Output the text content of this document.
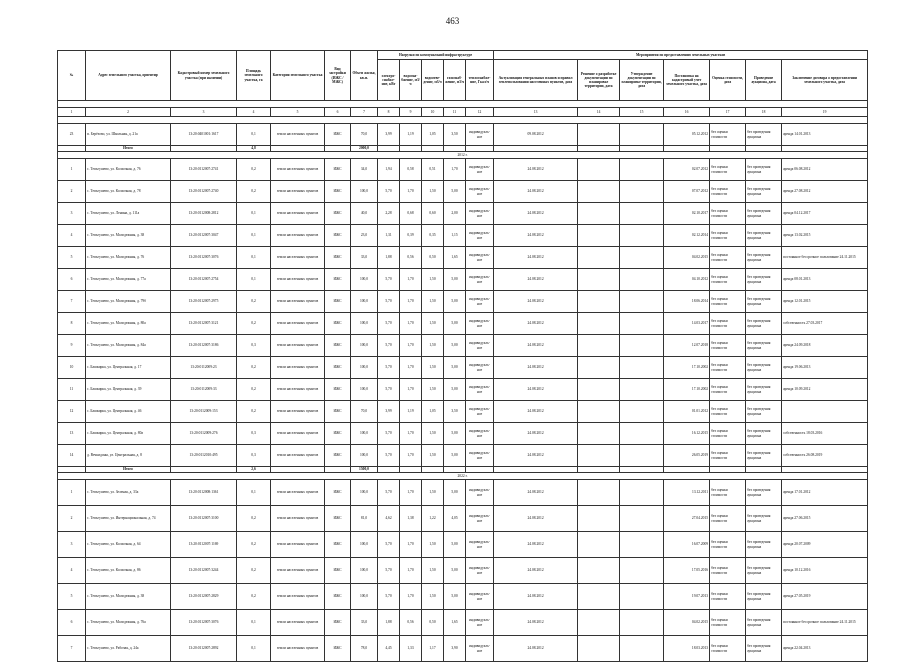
463
№	Адрес земельного участка, ориентир	Кадастровый номер земельного участка (при наличии)	Площадь земельного участка, га	Категория земельного участка	Вид застройки (ИЖС / МЖС)	Объем жилья, кв.м.	Нагрузки по коммунальной инфраструктуре					Мероприятия по предоставлению земельных участков						
							электро-снабже-ние, кВт	водосна-бжение, м3/ч	водоотве-дение, м3/ч	газоснаб-жение, м3/ч	теплоснабже-ние, Гкал/ч	Актуализация генеральных планов и правил землепользования населенных пунктов, дата	Решение о разработке документации по планировке территории, дата	Утверждение документации по планировке территории, дата	Постановка на кадастровый учет земельного участка, дата	Оценка стоимости, дата	Проведение аукциона, дата	Заключение договора о предоставлении земельного участка, дата

1	2	3	4	5	6	7	8	9	10	11	12	13	14	15	16	17	18	19

23	п. Берёзово, ул. Школьная, д. 21а	13:20:0401001:1617	0,1	земли населенных пунктов	ИЖС	70,0	3,99	1,19	1,05	3,50	индивидуаль-ное	09.08.2012			05.12.2012	без оценки стоимости	без проведения аукциона	аренда 14.01.2013
	Итого		4,8			2000,0												
2012 г.																		
1	с. Тепьгушево, ул. Колхозная, д. 76	13:20:0112007:2741	0,2	земли населенных пунктов	ИЖС	34,0	1,94	0,58	0,51	1,70	индивидуаль-ное	24.08.2012			02.07.2012	без оценки стоимости	без проведения аукциона	аренда 06.08.2012
2	с. Тепьгушево, ул. Колхозная, д. 78	13:20:0112007:2740	0,2	земли населенных пунктов	ИЖС	100,0	5,70	1,70	1,50	5,00	индивидуаль-ное	24.08.2012			07.07.2012	без оценки стоимости	без проведения аукциона	аренда 27.08.2012
3	с. Тепьгушево, ул. Ленина, д. 111а	13:20:0112008:2812	0,1	земли населенных пунктов	ИЖС	40,0	2,28	0,68	0,60	2,00	индивидуаль-ное	24.08.2012			02.10.2017	без оценки стоимости	без проведения аукциона	аренда 04.12.2017
4	с. Тепьгушево, ул. Молодежная, д. 38	13:20:0112007:3047	0,1	земли населенных пунктов	ИЖС	23,0	1,31	0,39	0,35	1,15	индивидуаль-ное	24.08.2012			02.12.2014	без оценки стоимости	без проведения аукциона	аренда 13.02.2015
5	с. Тепьгушево, ул. Молодежная, д. 76	13:20:0112007:3076	0,1	земли населенных пунктов	ИЖС	33,0	1,88	0,56	0,50	1,65	индивидуаль-ное	24.08.2012			04.02.2015	без оценки стоимости	без проведения аукциона	постоянное бессрочное пользование 24.11.2015
6	с. Тепьгушево, ул. Молодежная, д. 77а	13:20:0112007:2754	0,1	земли населенных пунктов	ИЖС	100,0	5,70	1,70	1,50	5,00	индивидуаль-ное	24.08.2012			04.10.2012	без оценки стоимости	без проведения аукциона	аренда 08.01.2013
7	с. Тепьгушево, ул. Молодежная, д. 79б	13:20:0112007:2975	0,2	земли населенных пунктов	ИЖС	100,0	5,70	1,70	1,50	5,00	индивидуаль-ное	24.08.2012			18.06.2014	без оценки стоимости	без проведения аукциона	аренда 12.01.2015
8	с. Тепьгушево, ул. Молодежная, д. 80а	13:20:0112007:3121	0,2	земли населенных пунктов	ИЖС	100,0	5,70	1,70	1,50	5,00	индивидуаль-ное	24.08.2012			14.03.2017	без оценки стоимости	без проведения аукциона	собственность 27.03.2017
9	с. Тепьгушево, ул. Молодежная, д. 84а	13:20:0112007:3186	0,3	земли населенных пунктов	ИЖС	100,0	5,70	1,70	1,50	5,00	индивидуаль-ное	24.08.2012			12.07.2018	без оценки стоимости	без проведения аукциона	аренда 24.09.2018
10	с. Башкирка, ул. Центральная, д. 17	13:20:0112009:23	0,2	земли населенных пунктов	ИЖС	100,0	5,70	1,70	1,50	5,00	индивидуаль-ное	24.08.2012			17.10.2002	без оценки стоимости	без проведения аукциона	аренда 19.06.2013
11	с. Башкирка, ул. Центральная, д. 39	13:20:0112009:33	0,2	земли населенных пунктов	ИЖС	100,0	5,70	1,70	1,50	5,00	индивидуаль-ное	24.08.2012			17.10.2002	без оценки стоимости	без проведения аукциона	аренда 10.09.2012
12	с. Башкирка, ул. Центральная, д. 46	13:20:0112009:153	0,2	земли населенных пунктов	ИЖС	70,0	3,99	1,19	1,05	3,50	индивидуаль-ное	24.08.2012			01.01.2012	без оценки стоимости	без проведения аукциона	
13	с. Башкирка, ул. Центральная, д. 80а	13:20:0112009:276	0,3	земли населенных пунктов	ИЖС	100,0	5,70	1,70	1,50	5,00	индивидуаль-ное	24.08.2012			16.12.2015	без оценки стоимости	без проведения аукциона	собственность 18.03.2016
14	д. Вечкидоны, ул. Центральная, д. 8	13:20:0112010:495	0,3	земли населенных пунктов	ИЖС	100,0	5,70	1,70	1,50	5,00	индивидуаль-ное	24.08.2012			26.05.2019	без оценки стоимости	без проведения аукциона	собственность 26.08.2019
	Итого		2,6			1500,0												
2022 г.																		
1	с. Тепьгушево, ул. Зеленая, д. 33а	13:20:0112008:1361	0,1	земли населенных пунктов	ИЖС	100,0	5,70	1,70	1,50	5,00	индивидуаль-ное	24.08.2012			13.12.2011	без оценки стоимости	без проведения аукциона	аренда 17.01.2012
2	с. Тепьгушево, ул. Интернациональная, д. 74	13:20:0112007:3100	0,2	земли населенных пунктов	ИЖС	81,0	4,62	1,38	1,22	4,05	индивидуаль-ное	24.08.2012			27.04.2015	без оценки стоимости	без проведения аукциона	аренда 27.06.2015
3	с. Тепьгушево, ул. Колхозная, д. 64	13:20:0112007:1169	0,2	земли населенных пунктов	ИЖС	100,0	5,70	1,70	1,50	5,00	индивидуаль-ное	24.08.2012			16.07.2009	без оценки стоимости	без проведения аукциона	аренда 20.07.2009
4	с. Тепьгушево, ул. Колхозная, д. 86	13:20:0112007:3244	0,2	земли населенных пунктов	ИЖС	100,0	5,70	1,70	1,50	5,00	индивидуаль-ное	24.08.2012			17.05.2016	без оценки стоимости	без проведения аукциона	аренда 10.12.2016
5	с. Тепьгушево, ул. Молодежная, д. 38	13:20:0112007:2829	0,2	земли населенных пунктов	ИЖС	100,0	5,70	1,70	1,50	5,00	индивидуаль-ное	24.08.2012			19.07.2013	без оценки стоимости	без проведения аукциона	аренда 27.05.2019
6	с. Тепьгушево, ул. Молодежная, д. 76а	13:20:0112007:3076	0,1	земли населенных пунктов	ИЖС	33,0	1,88	0,56	0,50	1,65	индивидуаль-ное	24.08.2012			04.02.2015	без оценки стоимости	без проведения аукциона	постоянное бессрочное пользование 24.11.2015
7	с. Тепьгушево, ул. Рабочая, д. 24а	13:20:0112007:2892	0,1	земли населенных пунктов	ИЖС	78,0	4,45	1,33	1,17	3,90	индивидуаль-ное	24.08.2012			18.03.2013	без оценки стоимости	без проведения аукциона	аренда 22.04.2013
